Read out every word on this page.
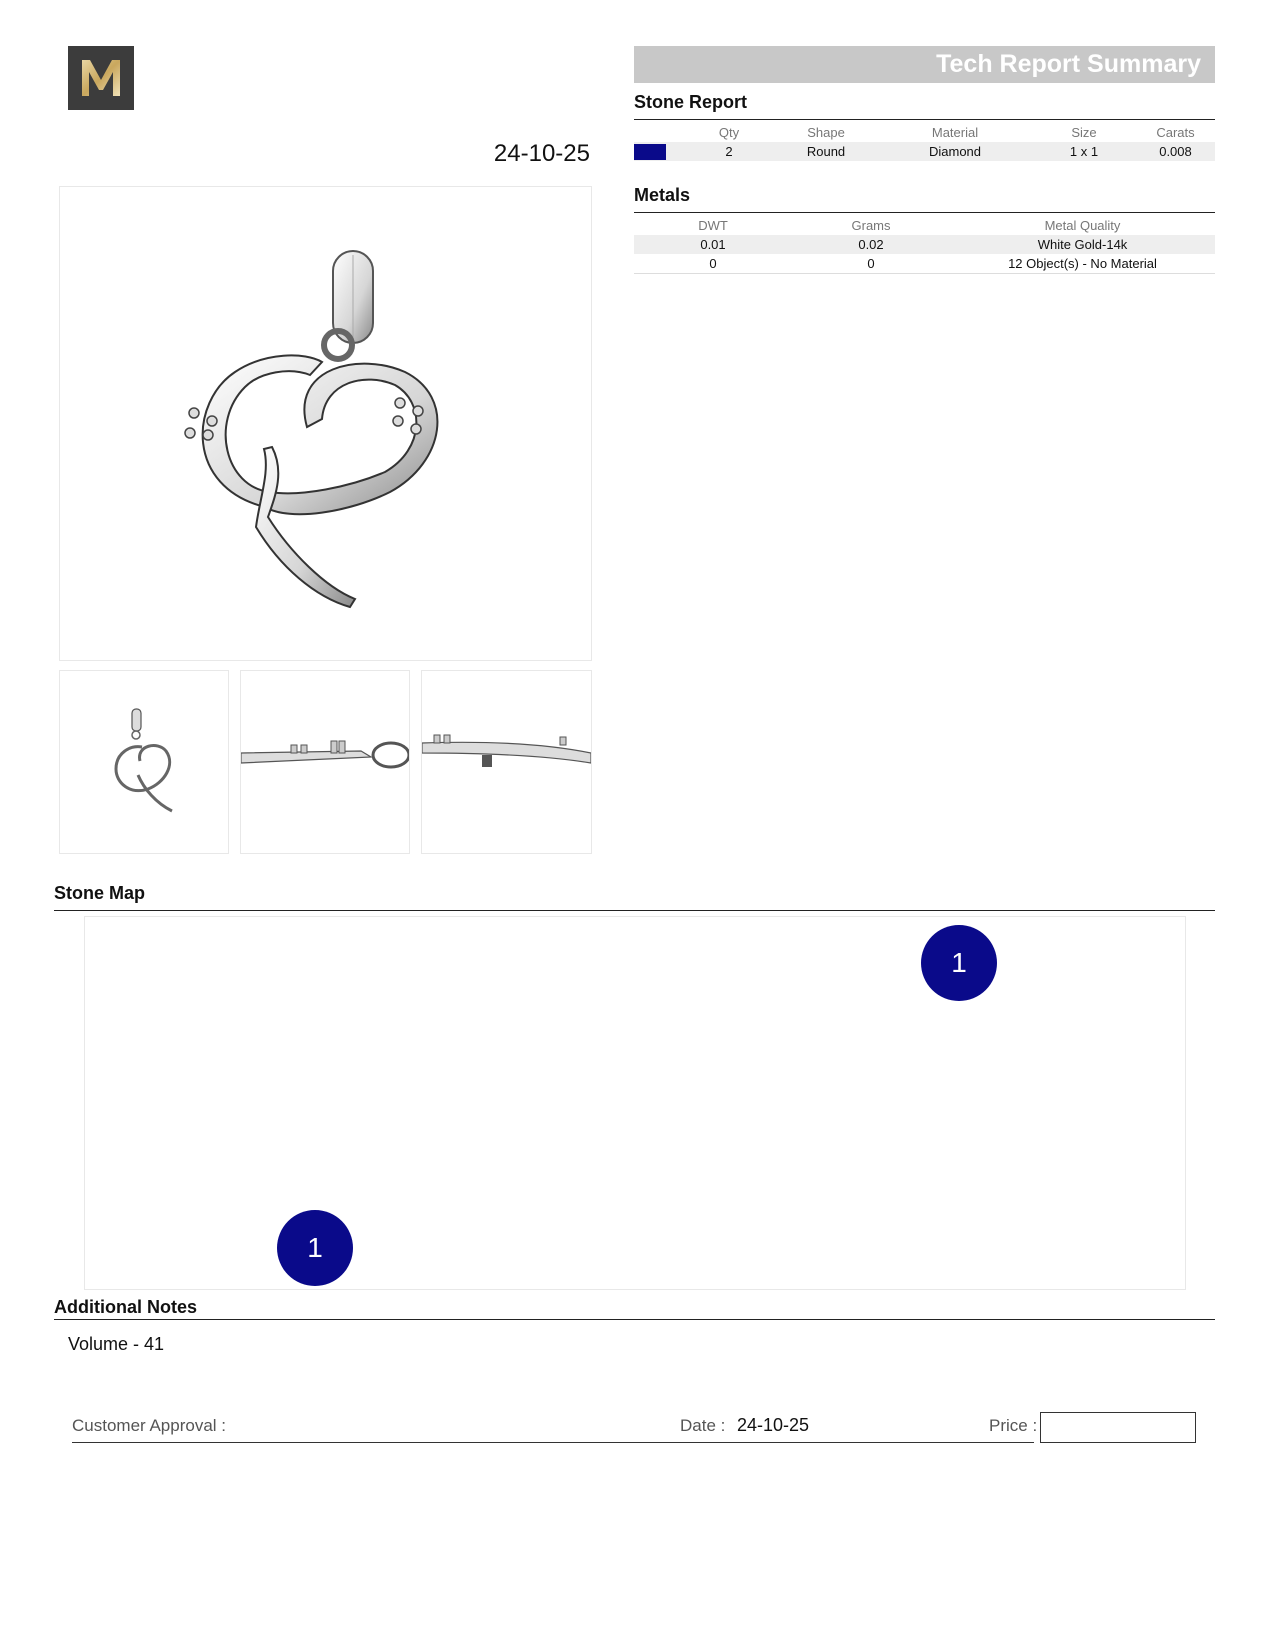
24-10-25
Tech Report Summary
Stone Report
	Qty	Shape	Material	Size	Carats
	2	Round	Diamond	1 x 1	0.008
Metals
DWT	Grams	Metal Quality
0.01	0.02	White Gold-14k
0	0	12 Object(s) - No Material
Stone Map
1
1
Additional Notes
Volume - 41
Customer Approval :	Date : 24-10-25	Price :
